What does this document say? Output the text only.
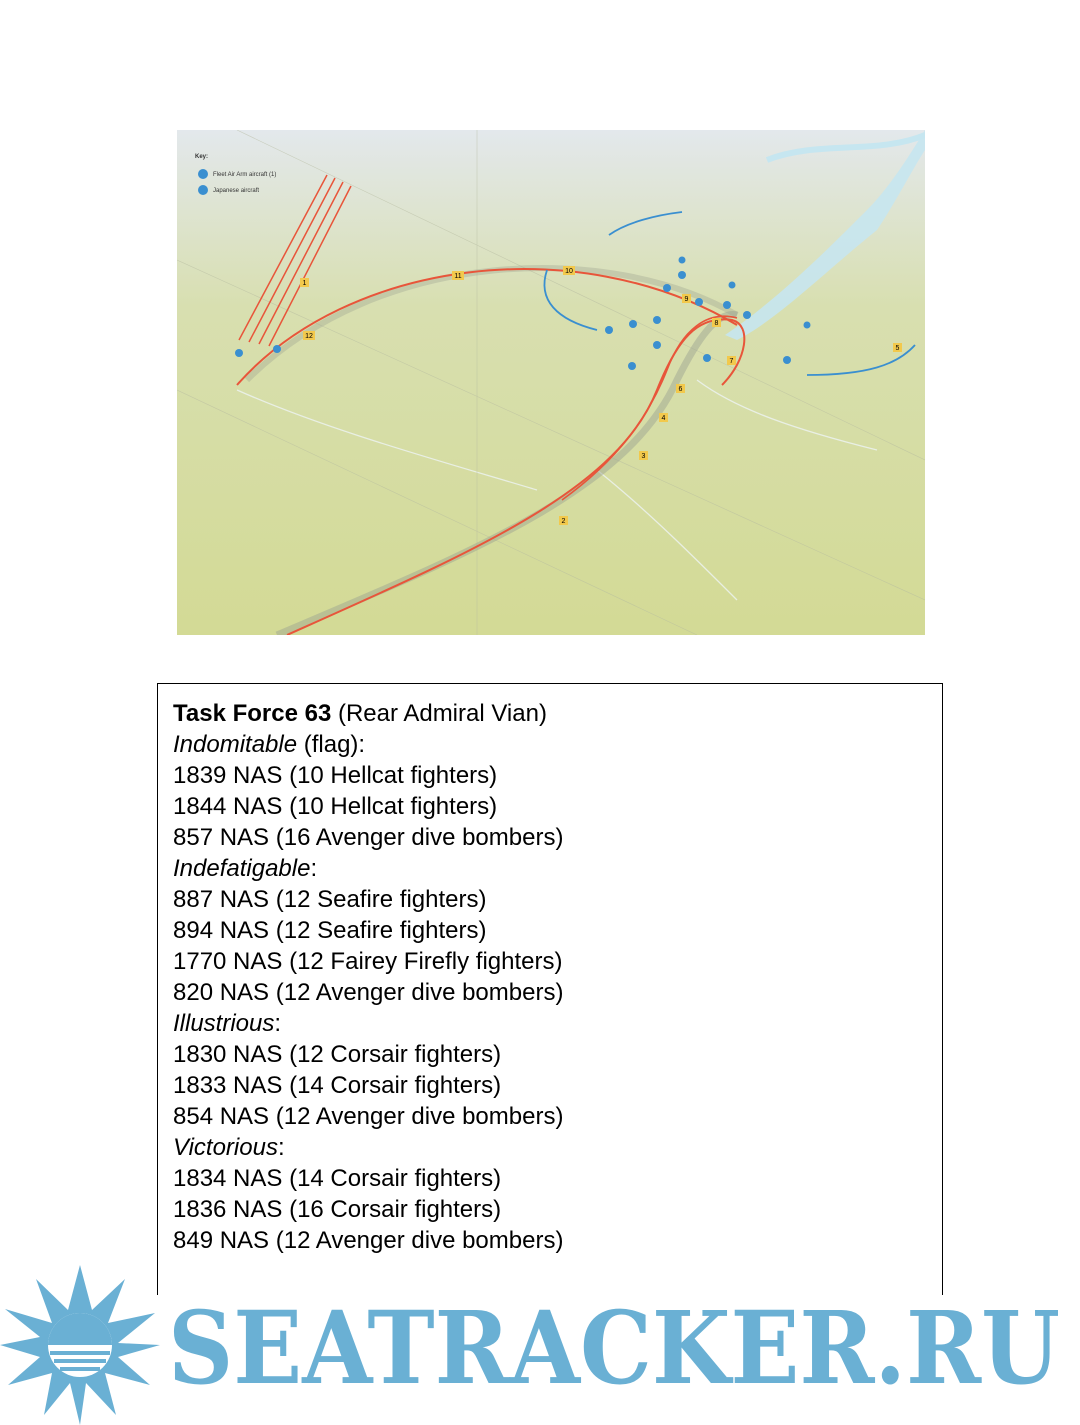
Key:
Fleet Air Arm aircraft (1)
Japanese aircraft
1
2
3
4
5
6
7
8
9
10
11
12
Task Force 63 (Rear Admiral Vian)
Indomitable (flag):
1839 NAS (10 Hellcat fighters)
1844 NAS (10 Hellcat fighters)
857 NAS (16 Avenger dive bombers)
Indefatigable:
887 NAS (12 Seafire fighters)
894 NAS (12 Seafire fighters)
1770 NAS (12 Fairey Firefly fighters)
820 NAS (12 Avenger dive bombers)
Illustrious:
1830 NAS (12 Corsair fighters)
1833 NAS (14 Corsair fighters)
854 NAS (12 Avenger dive bombers)
Victorious:
1834 NAS (14 Corsair fighters)
1836 NAS (16 Corsair fighters)
849 NAS (12 Avenger dive bombers)
SEATRACKER.RU
